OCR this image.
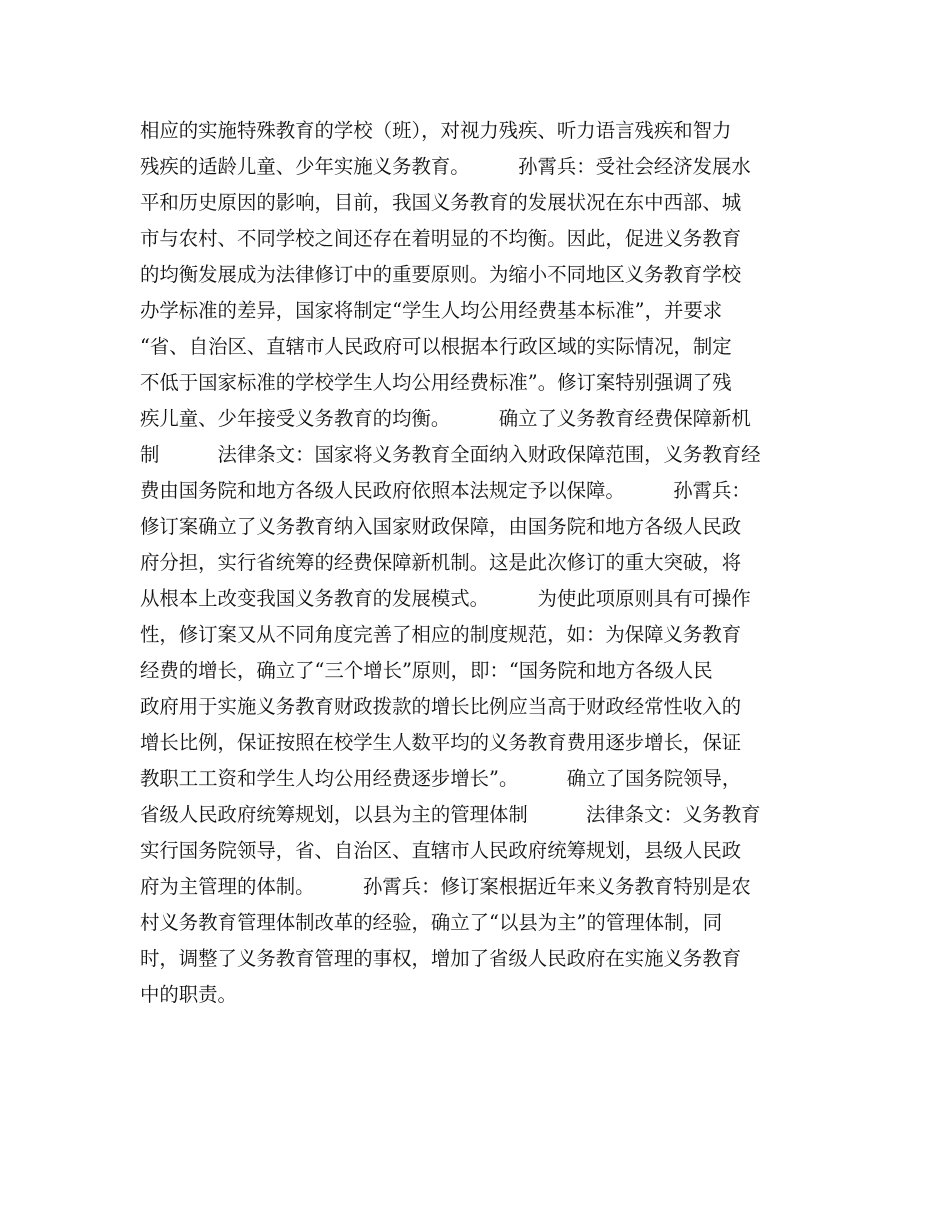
相应的实施特殊教育的学校（班），对视力残疾、听力语言残疾和智力
残疾的适龄儿童、少年实施义务教育。　　　孙霄兵：受社会经济发展水
平和历史原因的影响，目前，我国义务教育的发展状况在东中西部、城
市与农村、不同学校之间还存在着明显的不均衡。因此，促进义务教育
的均衡发展成为法律修订中的重要原则。为缩小不同地区义务教育学校
办学标准的差异，国家将制定“学生人均公用经费基本标准”，并要求
“省、自治区、直辖市人民政府可以根据本行政区域的实际情况，制定
不低于国家标准的学校学生人均公用经费标准”。修订案特别强调了残
疾儿童、少年接受义务教育的均衡。　　　确立了义务教育经费保障新机
制　　　法律条文：国家将义务教育全面纳入财政保障范围，义务教育经
费由国务院和地方各级人民政府依照本法规定予以保障。　　　孙霄兵：
修订案确立了义务教育纳入国家财政保障，由国务院和地方各级人民政
府分担，实行省统筹的经费保障新机制。这是此次修订的重大突破，将
从根本上改变我国义务教育的发展模式。　　　为使此项原则具有可操作
性，修订案又从不同角度完善了相应的制度规范，如：为保障义务教育
经费的增长，确立了“三个增长”原则，即：“国务院和地方各级人民
政府用于实施义务教育财政拨款的增长比例应当高于财政经常性收入的
增长比例，保证按照在校学生人数平均的义务教育费用逐步增长，保证
教职工工资和学生人均公用经费逐步增长”。　　　确立了国务院领导，
省级人民政府统筹规划，以县为主的管理体制　　　法律条文：义务教育
实行国务院领导，省、自治区、直辖市人民政府统筹规划，县级人民政
府为主管理的体制。　　　孙霄兵：修订案根据近年来义务教育特别是农
村义务教育管理体制改革的经验，确立了“以县为主”的管理体制，同
时，调整了义务教育管理的事权，增加了省级人民政府在实施义务教育
中的职责。
